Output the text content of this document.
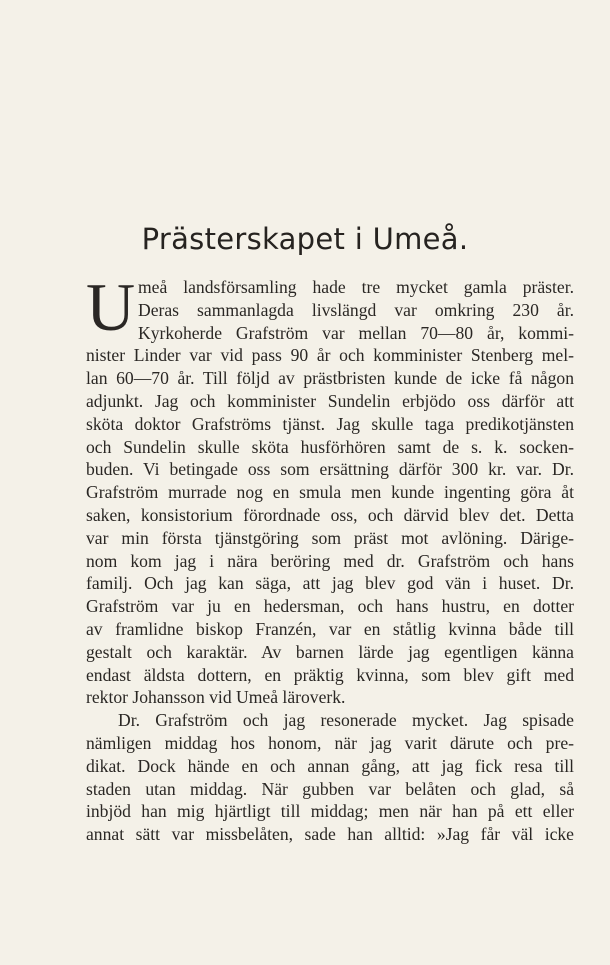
Prästerskapet i Umeå.
U meå landsförsamling hade tre mycket gamla präster.
Deras sammanlagda livslängd var omkring 230 år.
Kyrkoherde Grafström var mellan 70—80 år, kommi-
nister Linder var vid pass 90 år och komminister Stenberg mel-
lan 60—70 år. Till följd av prästbristen kunde de icke få någon
adjunkt. Jag och komminister Sundelin erbjödo oss därför att
sköta doktor Grafströms tjänst. Jag skulle taga predikotjänsten
och Sundelin skulle sköta husförhören samt de s. k. socken-
buden. Vi betingade oss som ersättning därför 300 kr. var. Dr.
Grafström murrade nog en smula men kunde ingenting göra åt
saken, konsistorium förordnade oss, och därvid blev det. Detta
var min första tjänstgöring som präst mot avlöning. Därige-
nom kom jag i nära beröring med dr. Grafström och hans
familj. Och jag kan säga, att jag blev god vän i huset. Dr.
Grafström var ju en hedersman, och hans hustru, en dotter
av framlidne biskop Franzén, var en ståtlig kvinna både till
gestalt och karaktär. Av barnen lärde jag egentligen känna
endast äldsta dottern, en präktig kvinna, som blev gift med
rektor Johansson vid Umeå läroverk.
Dr. Grafström och jag resonerade mycket. Jag spisade
nämligen middag hos honom, när jag varit därute och pre-
dikat. Dock hände en och annan gång, att jag fick resa till
staden utan middag. När gubben var belåten och glad, så
inbjöd han mig hjärtligt till middag; men när han på ett eller
annat sätt var missbelåten, sade han alltid: »Jag får väl icke
